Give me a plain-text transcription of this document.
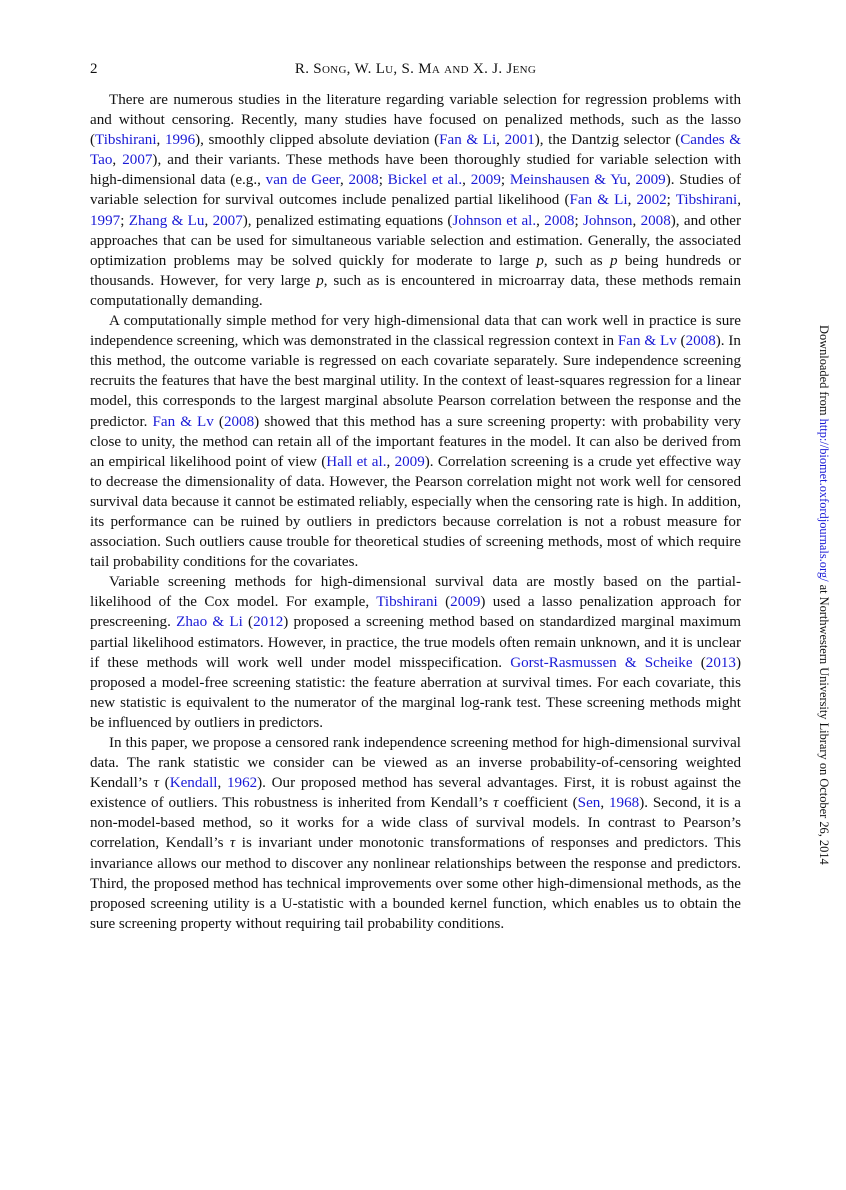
2	R. Song, W. Lu, S. Ma and X. J. Jeng

There are numerous studies in the literature regarding variable selection for regression problems with and without censoring. Recently, many studies have focused on penalized methods, such as the lasso (Tibshirani, 1996), smoothly clipped absolute deviation (Fan & Li, 2001), the Dantzig selector (Candes & Tao, 2007), and their variants. These methods have been thoroughly studied for variable selection with high-dimensional data (e.g., van de Geer, 2008; Bickel et al., 2009; Meinshausen & Yu, 2009). Studies of variable selection for survival outcomes include penalized partial likelihood (Fan & Li, 2002; Tibshirani, 1997; Zhang & Lu, 2007), penalized estimating equations (Johnson et al., 2008; Johnson, 2008), and other approaches that can be used for simultaneous variable selection and estimation. Generally, the associated optimization problems may be solved quickly for moderate to large p, such as p being hundreds or thousands. However, for very large p, such as is encountered in microarray data, these methods remain computationally demanding.

A computationally simple method for very high-dimensional data that can work well in practice is sure independence screening, which was demonstrated in the classical regression context in Fan & Lv (2008). In this method, the outcome variable is regressed on each covariate separately. Sure independence screening recruits the features that have the best marginal utility. In the context of least-squares regression for a linear model, this corresponds to the largest marginal absolute Pearson correlation between the response and the predictor. Fan & Lv (2008) showed that this method has a sure screening property: with probability very close to unity, the method can retain all of the important features in the model. It can also be derived from an empirical likelihood point of view (Hall et al., 2009). Correlation screening is a crude yet effective way to decrease the dimensionality of data. However, the Pearson correlation might not work well for censored survival data because it cannot be estimated reliably, especially when the censoring rate is high. In addition, its performance can be ruined by outliers in predictors because correlation is not a robust measure for association. Such outliers cause trouble for theoretical studies of screening methods, most of which require tail probability conditions for the covariates.

Variable screening methods for high-dimensional survival data are mostly based on the partial-likelihood of the Cox model. For example, Tibshirani (2009) used a lasso penalization approach for prescreening. Zhao & Li (2012) proposed a screening method based on standardized marginal maximum partial likelihood estimators. However, in practice, the true models often remain unknown, and it is unclear if these methods will work well under model misspecification. Gorst-Rasmussen & Scheike (2013) proposed a model-free screening statistic: the feature aberration at survival times. For each covariate, this new statistic is equivalent to the numerator of the marginal log-rank test. These screening methods might be influenced by outliers in predictors.

In this paper, we propose a censored rank independence screening method for high-dimensional survival data. The rank statistic we consider can be viewed as an inverse probability-of-censoring weighted Kendall’s τ (Kendall, 1962). Our proposed method has several advantages. First, it is robust against the existence of outliers. This robustness is inherited from Kendall’s τ coefficient (Sen, 1968). Second, it is a non-model-based method, so it works for a wide class of survival models. In contrast to Pearson’s correlation, Kendall’s τ is invariant under monotonic transformations of responses and predictors. This invariance allows our method to discover any nonlinear relationships between the response and predictors. Third, the proposed method has technical improvements over some other high-dimensional methods, as the proposed screening utility is a U-statistic with a bounded kernel function, which enables us to obtain the sure screening property without requiring tail probability conditions.

Downloaded from http://biomet.oxfordjournals.org/ at Northwestern University Library on October 26, 2014
